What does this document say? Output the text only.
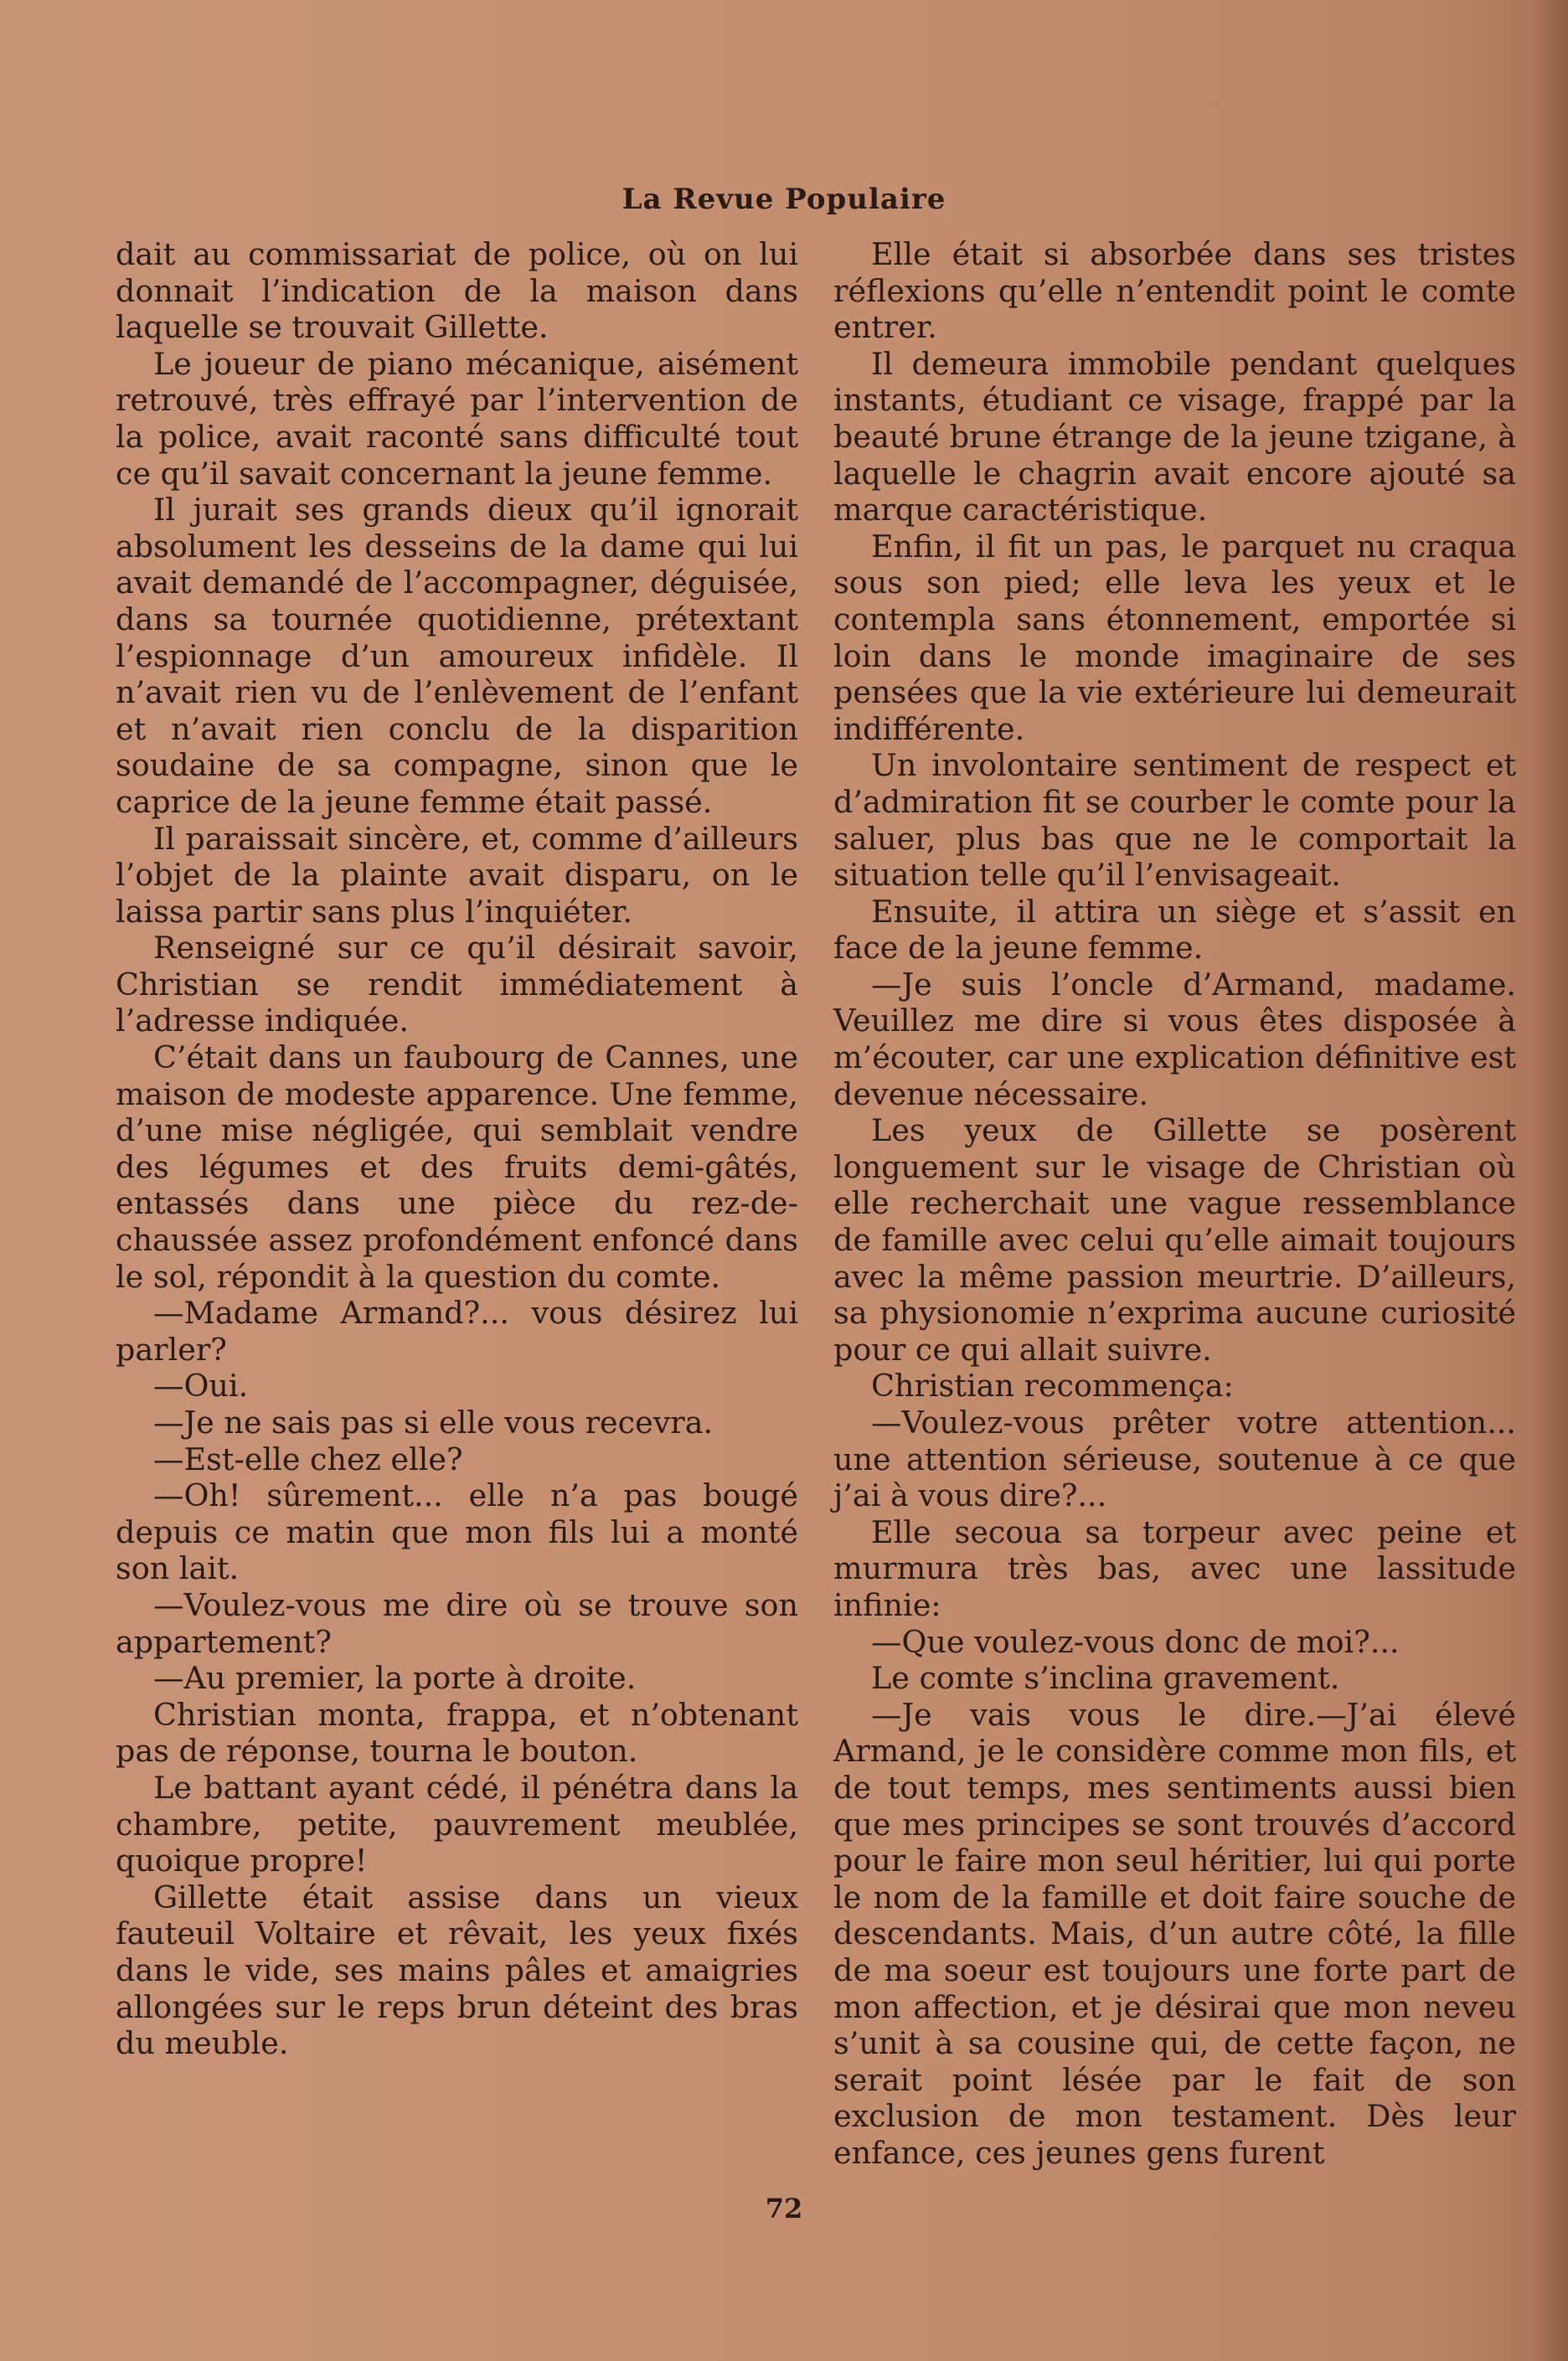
La Revue Populaire

dait au commissariat de police, où on lui donnait l’indication de la maison dans laquelle se trouvait Gillette.

Le joueur de piano mécanique, aisément retrouvé, très effrayé par l’intervention de la police, avait raconté sans difficulté tout ce qu’il savait concernant la jeune femme.

Il jurait ses grands dieux qu’il ignorait absolument les desseins de la dame qui lui avait demandé de l’accompagner, déguisée, dans sa tournée quotidienne, prétextant l’espionnage d’un amoureux infidèle. Il n’avait rien vu de l’enlèvement de l’enfant et n’avait rien conclu de la disparition soudaine de sa compagne, sinon que le caprice de la jeune femme était passé.

Il paraissait sincère, et, comme d’ailleurs l’objet de la plainte avait disparu, on le laissa partir sans plus l’inquiéter.

Renseigné sur ce qu’il désirait savoir, Christian se rendit immédiatement à l’adresse indiquée.

C’était dans un faubourg de Cannes, une maison de modeste apparence. Une femme, d’une mise négligée, qui semblait vendre des légumes et des fruits demi-gâtés, entassés dans une pièce du rez-de-chaussée assez profondément enfoncé dans le sol, répondit à la question du comte.

—Madame Armand?... vous désirez lui parler?

—Oui.

—Je ne sais pas si elle vous recevra.

—Est-elle chez elle?

—Oh! sûrement... elle n’a pas bougé depuis ce matin que mon fils lui a monté son lait.

—Voulez-vous me dire où se trouve son appartement?

—Au premier, la porte à droite.

Christian monta, frappa, et n’obtenant pas de réponse, tourna le bouton.

Le battant ayant cédé, il pénétra dans la chambre, petite, pauvrement meublée, quoique propre!

Gillette était assise dans un vieux fauteuil Voltaire et rêvait, les yeux fixés dans le vide, ses mains pâles et amaigries allongées sur le reps brun déteint des bras du meuble.

Elle était si absorbée dans ses tristes réflexions qu’elle n’entendit point le comte entrer.

Il demeura immobile pendant quelques instants, étudiant ce visage, frappé par la beauté brune étrange de la jeune tzigane, à laquelle le chagrin avait encore ajouté sa marque caractéristique.

Enfin, il fit un pas, le parquet nu craqua sous son pied; elle leva les yeux et le contempla sans étonnement, emportée si loin dans le monde imaginaire de ses pensées que la vie extérieure lui demeurait indifférente.

Un involontaire sentiment de respect et d’admiration fit se courber le comte pour la saluer, plus bas que ne le comportait la situation telle qu’il l’envisageait.

Ensuite, il attira un siège et s’assit en face de la jeune femme.

—Je suis l’oncle d’Armand, madame. Veuillez me dire si vous êtes disposée à m’écouter, car une explication définitive est devenue nécessaire.

Les yeux de Gillette se posèrent longuement sur le visage de Christian où elle recherchait une vague ressemblance de famille avec celui qu’elle aimait toujours avec la même passion meurtrie. D’ailleurs, sa physionomie n’exprima aucune curiosité pour ce qui allait suivre.

Christian recommença:

—Voulez-vous prêter votre attention... une attention sérieuse, soutenue à ce que j’ai à vous dire?...

Elle secoua sa torpeur avec peine et murmura très bas, avec une lassitude infinie:

—Que voulez-vous donc de moi?...

Le comte s’inclina gravement.

—Je vais vous le dire.—J’ai élevé Armand, je le considère comme mon fils, et de tout temps, mes sentiments aussi bien que mes principes se sont trouvés d’accord pour le faire mon seul héritier, lui qui porte le nom de la famille et doit faire souche de descendants. Mais, d’un autre côté, la fille de ma soeur est toujours une forte part de mon affection, et je désirai que mon neveu s’unit à sa cousine qui, de cette façon, ne serait point lésée par le fait de son exclusion de mon testament. Dès leur enfance, ces jeunes gens furent

72
